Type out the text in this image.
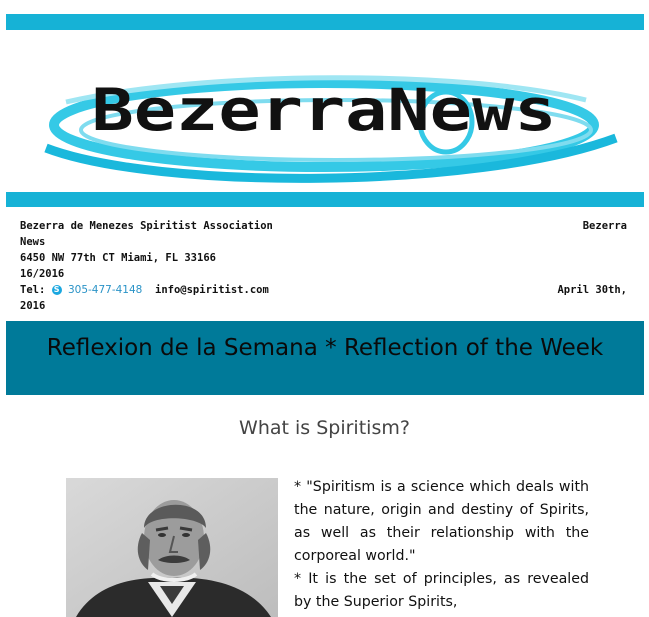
BezerraNews
Bezerra de Menezes Spiritist Association
News
6450 NW 77th CT Miami, FL 33166
16/2016
Tel: S 305-477-4148 info@spiritist.com
2016
Bezerra
April 30th,
Reflexion de la Semana * Reflection of the Week
What is Spiritism?

* "Spiritism is a science which deals with the nature, origin and destiny of Spirits, as well as their relationship with the corporeal world."

* It is the set of principles, as revealed by the Superior Spirits,
